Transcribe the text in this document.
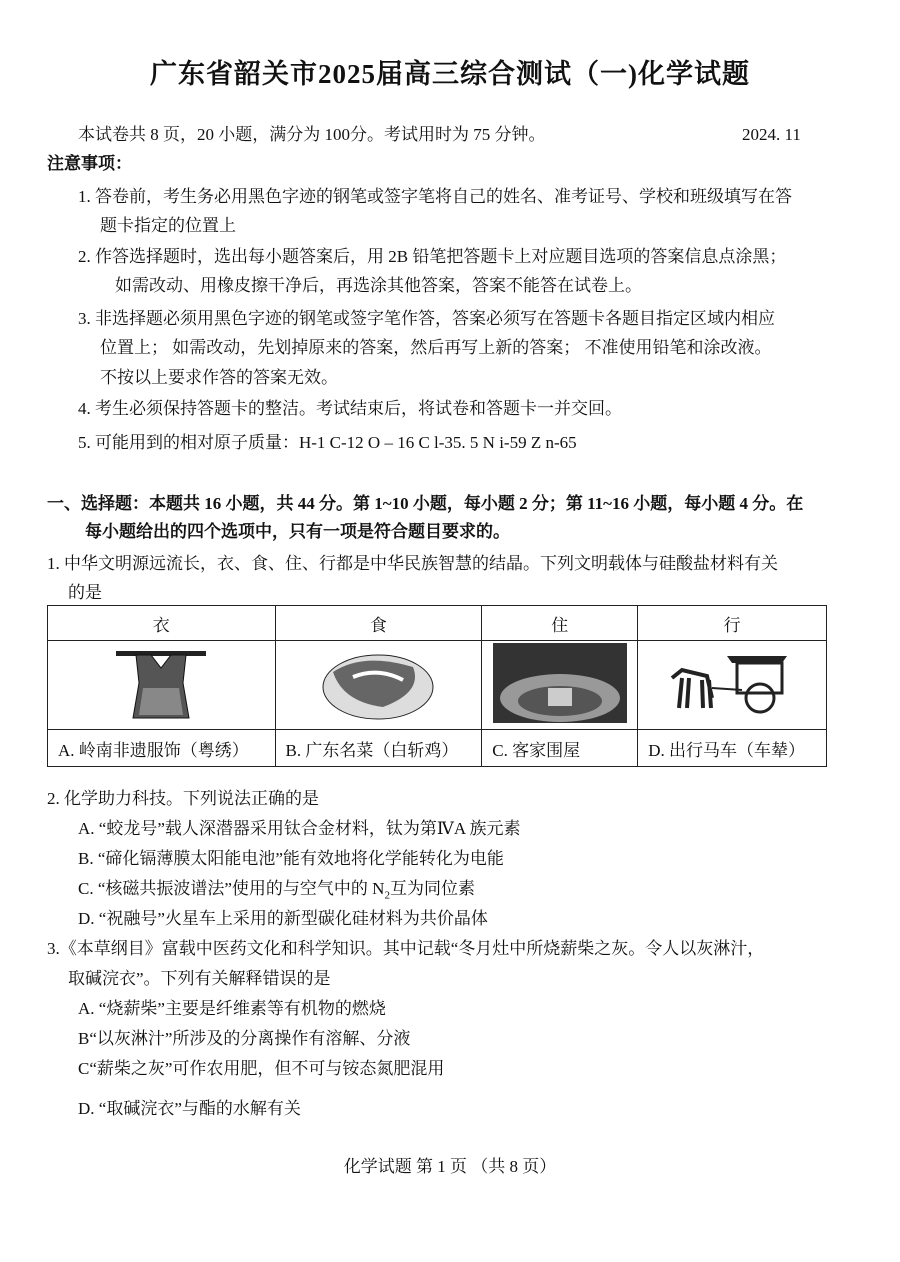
广东省韶关市2025届高三综合测试（一)化学试题
本试卷共 8 页，20 小题，满分为 100分。考试用时为 75 分钟。	2024. 11
注意事项：
1. 答卷前，考生务必用黑色字迹的钢笔或签字笔将自己的姓名、准考证号、学校和班级填写在答
题卡指定的位置上
2. 作答选择题时，选出每小题答案后，用 2B 铅笔把答题卡上对应题目选项的答案信息点涂黑；
如需改动、用橡皮擦干净后，再选涂其他答案，答案不能答在试卷上。
3. 非选择题必须用黑色字迹的钢笔或签字笔作答，答案必须写在答题卡各题目指定区域内相应
位置上； 如需改动，先划掉原来的答案，然后再写上新的答案； 不准使用铅笔和涂改液。
不按以上要求作答的答案无效。
4. 考生必须保持答题卡的整洁。考试结束后，将试卷和答题卡一并交回。
5. 可能用到的相对原子质量：H-1 C-12 O – 16 C l-35. 5 N i-59 Z n-65
一、选择题：本题共 16 小题，共 44 分。第 1~10 小题，每小题 2 分；第 11~16 小题，每小题 4 分。在
每小题给出的四个选项中，只有一项是符合题目要求的。
1. 中华文明源远流长，衣、食、住、行都是中华民族智慧的结晶。下列文明载体与硅酸盐材料有关
的是
衣	食	住	行

A. 岭南非遗服饰（粤绣）	B. 广东名菜（白斩鸡）	C. 客家围屋	D. 出行马车（车辇）
2. 化学助力科技。下列说法正确的是
A. “蛟龙号”载人深潜器采用钛合金材料，钛为第ⅣA 族元素
B. “碲化镉薄膜太阳能电池”能有效地将化学能转化为电能
C. “核磁共振波谱法”使用的与空气中的 $N_2$互为同位素
D. “祝融号”火星车上采用的新型碳化硅材料为共价晶体
3.《本草纲目》富载中医药文化和科学知识。其中记载“冬月灶中所烧薪柴之灰。令人以灰淋汁，
取碱浣衣”。下列有关解释错误的是
A. “烧薪柴”主要是纤维素等有机物的燃烧
B“以灰淋汁”所涉及的分离操作有溶解、分液
C“薪柴之灰”可作农用肥，但不可与铵态氮肥混用
D. “取碱浣衣”与酯的水解有关
化学试题 第 1 页 （共 8 页）
